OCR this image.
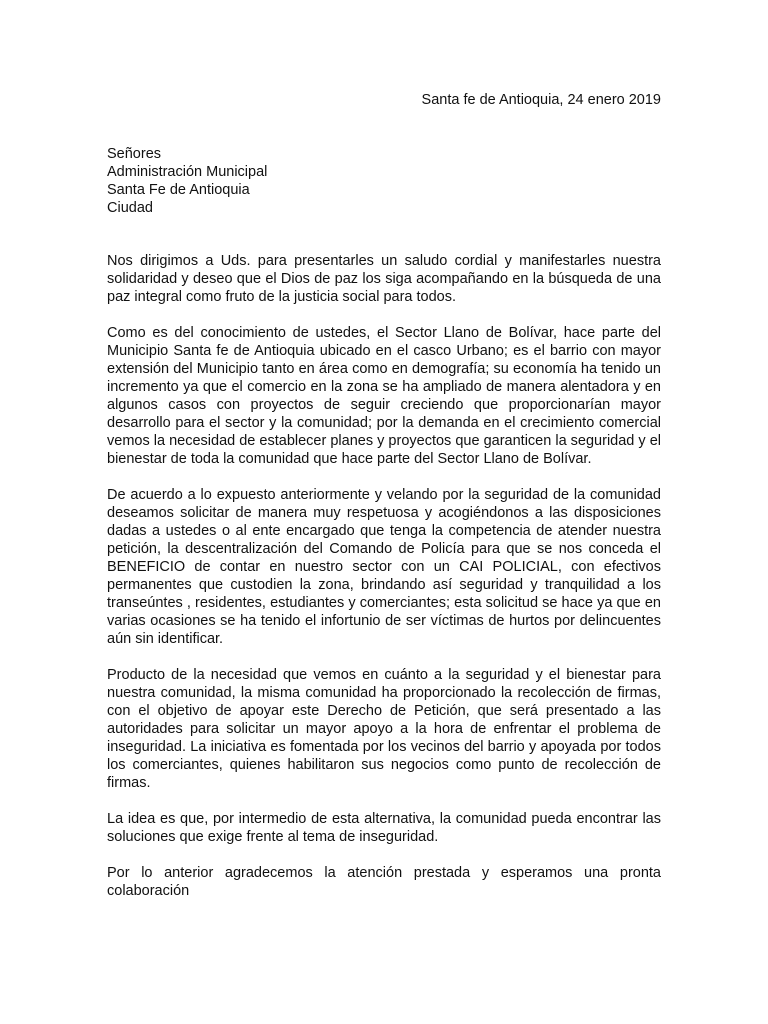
Santa fe de Antioquia, 24 enero 2019
Señores
Administración Municipal
Santa Fe de Antioquia
Ciudad

Nos dirigimos a Uds. para presentarles un saludo cordial y manifestarles nuestra solidaridad y deseo que el Dios de paz los siga acompañando en la búsqueda de una paz integral como fruto de la justicia social para todos.

Como es del conocimiento de ustedes, el Sector Llano de Bolívar, hace parte del Municipio Santa fe de Antioquia ubicado en el casco Urbano; es el barrio con mayor extensión del Municipio tanto en área como en demografía; su economía ha tenido un incremento ya que el comercio en la zona se ha ampliado de manera alentadora y en algunos casos con proyectos de seguir creciendo que proporcionarían mayor desarrollo para el sector y la comunidad; por la demanda en el crecimiento comercial vemos la necesidad de establecer planes y proyectos que garanticen la seguridad y el bienestar de toda la comunidad que hace parte del Sector Llano de Bolívar.

De acuerdo a lo expuesto anteriormente y velando por la seguridad de la comunidad deseamos solicitar de manera muy respetuosa y acogiéndonos a las disposiciones dadas a ustedes o al ente encargado que tenga la competencia de atender nuestra petición, la descentralización del Comando de Policía para que se nos conceda el BENEFICIO de contar en nuestro sector con un CAI POLICIAL, con efectivos permanentes que custodien la zona, brindando así seguridad y tranquilidad a los transeúntes , residentes, estudiantes y comerciantes; esta solicitud se hace ya que en varias ocasiones se ha tenido el infortunio de ser víctimas de hurtos por delincuentes aún sin identificar.

Producto de la necesidad que vemos en cuánto a la seguridad y el bienestar para nuestra comunidad, la misma comunidad ha proporcionado la recolección de firmas, con el objetivo de apoyar este Derecho de Petición, que será presentado a las autoridades para solicitar un mayor apoyo a la hora de enfrentar el problema de inseguridad. La iniciativa es fomentada por los vecinos del barrio y apoyada por todos los comerciantes, quienes habilitaron sus negocios como punto de recolección de firmas.

La idea es que, por intermedio de esta alternativa, la comunidad pueda encontrar las soluciones que exige frente al tema de inseguridad.

Por lo anterior agradecemos la atención prestada y esperamos una pronta colaboración
